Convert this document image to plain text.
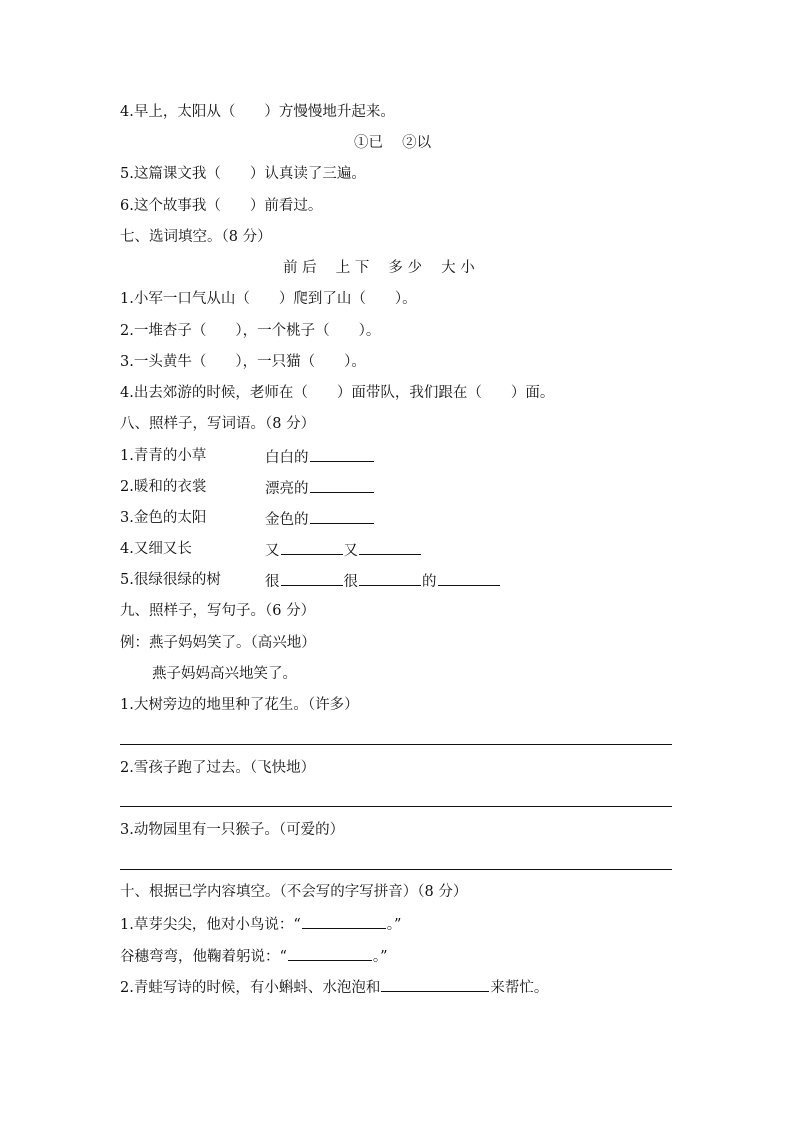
4.早上，太阳从（　　）方慢慢地升起来。
①已　 ②以
5.这篇课文我（　　）认真读了三遍。
6.这个故事我（　　）前看过。
七、选词填空。（8 分）
前 后　 上 下　 多 少　 大 小
1.小军一口气从山（　　）爬到了山（　　）。
2.一堆杏子（　　），一个桃子（　　）。
3.一头黄牛（　　），一只猫（　　）。
4.出去郊游的时候，老师在（　　）面带队，我们跟在（　　）面。
八、照样子，写词语。（8 分）
1.青青的小草	白白的
2.暖和的衣裳	漂亮的
3.金色的太阳	金色的
4.又细又长	又	又
5.很绿很绿的树	很	很	的
九、照样子，写句子。（6 分）
例：燕子妈妈笑了。（高兴地）
燕子妈妈高兴地笑了。
1.大树旁边的地里种了花生。（许多）
2.雪孩子跑了过去。（飞快地）
3.动物园里有一只猴子。（可爱的）
十、根据已学内容填空。（不会写的字写拼音）（8 分）
1.草芽尖尖，他对小鸟说：“	。”
谷穗弯弯，他鞠着躬说：“	。”
2.青蛙写诗的时候，有小蝌蚪、水泡泡和	来帮忙。
